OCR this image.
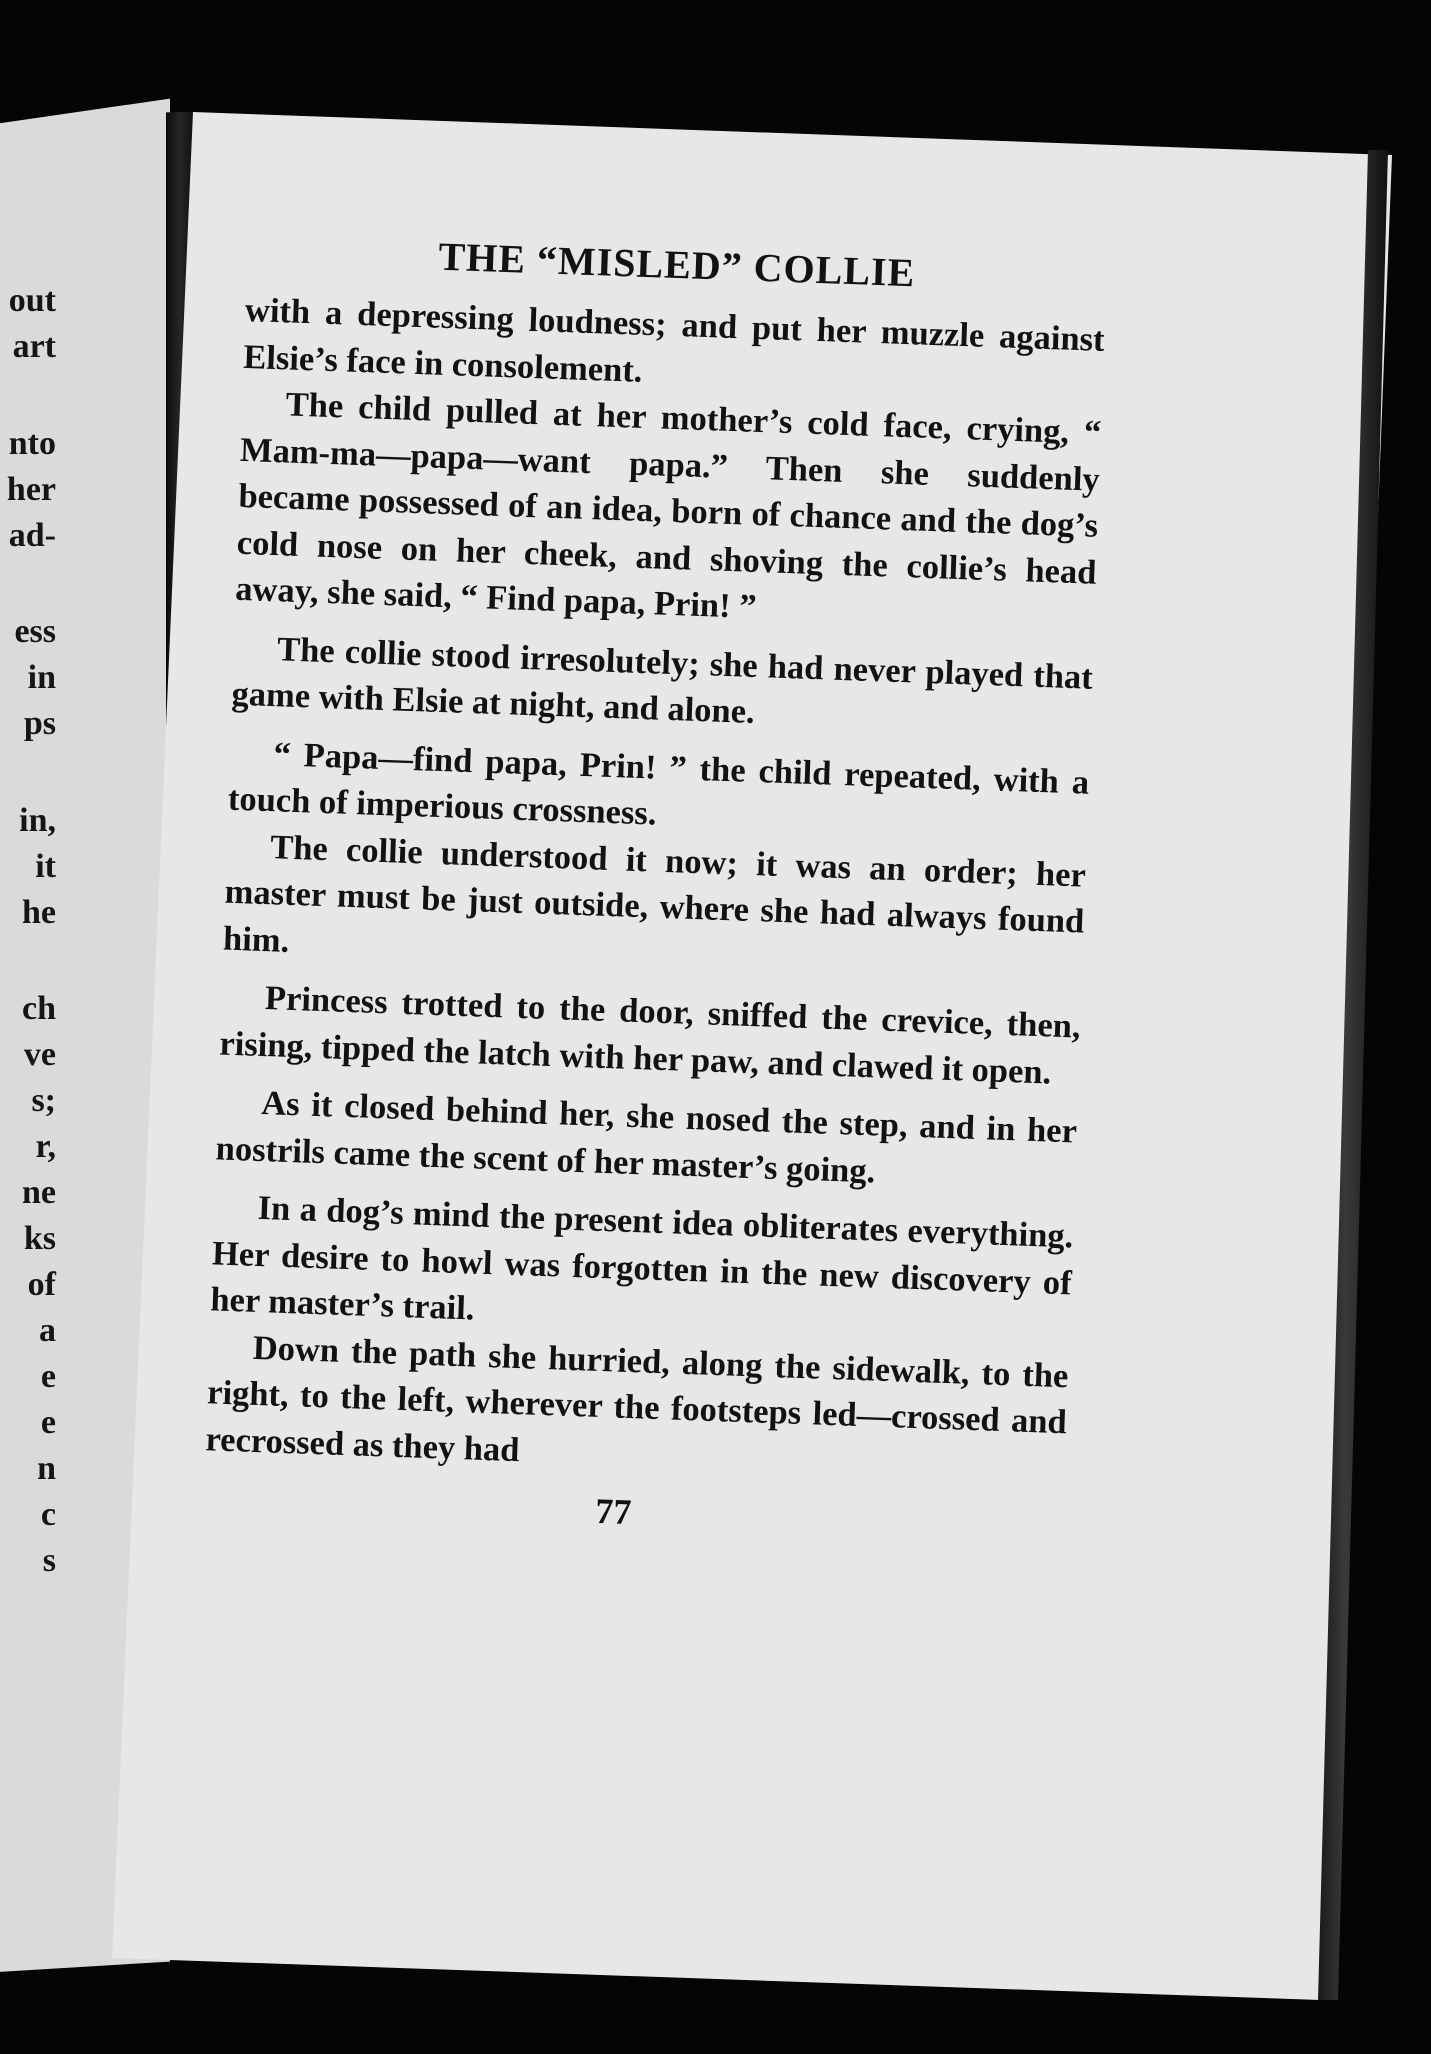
out
art
nto
her
ad-
ess
in
ps
in,
it
he
ch
ve
s;
r,
ne
ks
of
a
e
e
n
c
s
THE “MISLED” COLLIE

with a depressing loudness; and put her muzzle against Elsie’s face in consolement.

The child pulled at her mother’s cold face, crying, “ Mam-ma—papa—want papa.” Then she suddenly became possessed of an idea, born of chance and the dog’s cold nose on her cheek, and shoving the collie’s head away, she said, “ Find papa, Prin! ”

The collie stood irresolutely; she had never played that game with Elsie at night, and alone.

“ Papa—find papa, Prin! ” the child repeated, with a touch of imperious crossness.

The collie understood it now; it was an order; her master must be just outside, where she had always found him.

Princess trotted to the door, sniffed the crevice, then, rising, tipped the latch with her paw, and clawed it open.

As it closed behind her, she nosed the step, and in her nostrils came the scent of her master’s going.

In a dog’s mind the present idea obliterates everything. Her desire to howl was forgotten in the new discovery of her master’s trail.

Down the path she hurried, along the sidewalk, to the right, to the left, wherever the footsteps led—crossed and recrossed as they had

77
